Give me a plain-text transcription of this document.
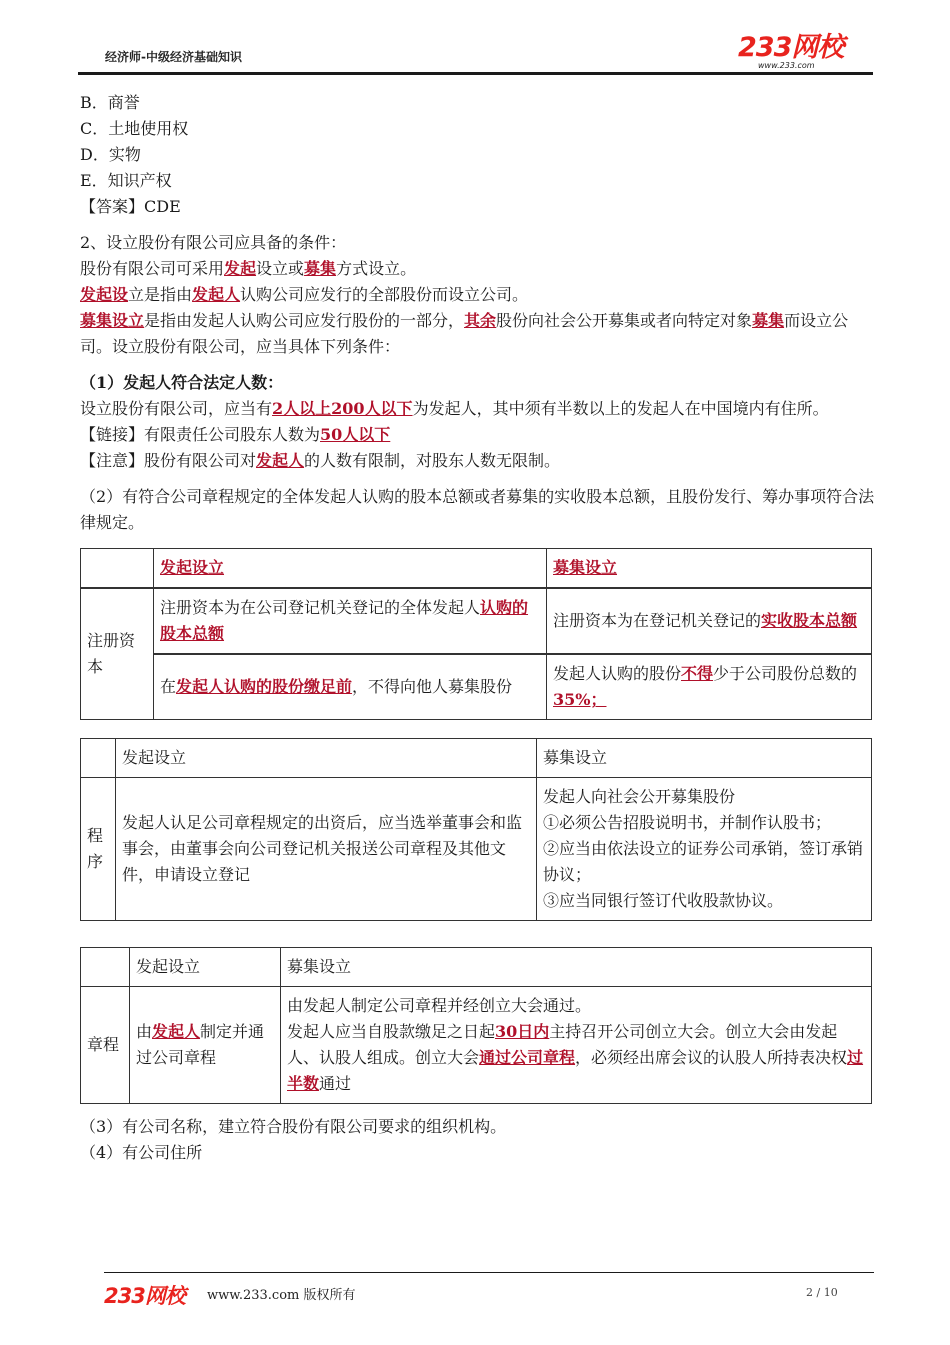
经济师-中级经济基础知识	233网校
www.233.com

B．商誉

C．土地使用权

D．实物

E．知识产权

【答案】CDE

2、设立股份有限公司应具备的条件：

股份有限公司可采用发起设立或募集方式设立。

发起设立是指由发起人认购公司应发行的全部股份而设立公司。

募集设立是指由发起人认购公司应发行股份的一部分，其余股份向社会公开募集或者向特定对象募集而设立公司。设立股份有限公司，应当具体下列条件：

（1）发起人符合法定人数：

设立股份有限公司，应当有2人以上200人以下为发起人，其中须有半数以上的发起人在中国境内有住所。

【链接】有限责任公司股东人数为50人以下

【注意】股份有限公司对发起人的人数有限制，对股东人数无限制。

（2）有符合公司章程规定的全体发起人认购的股本总额或者募集的实收股本总额，且股份发行、筹办事项符合法律规定。

	发起设立	募集设立
注册资本	注册资本为在公司登记机关登记的全体发起人认购的股本总额	注册资本为在登记机关登记的实收股本总额
	在发起人认购的股份缴足前，不得向他人募集股份	发起人认购的股份不得少于公司股份总数的35%；
	发起设立	募集设立
程序	发起人认足公司章程规定的出资后，应当选举董事会和监事会，由董事会向公司登记机关报送公司章程及其他文件，申请设立登记	发起人向社会公开募集股份
①必须公告招股说明书，并制作认股书；
②应当由依法设立的证券公司承销，签订承销协议；
③应当同银行签订代收股款协议。
	发起设立	募集设立
章程	由发起人制定并通过公司章程	由发起人制定公司章程并经创立大会通过。
发起人应当自股款缴足之日起30日内主持召开公司创立大会。创立大会由发起人、认股人组成。创立大会通过公司章程，必须经出席会议的认股人所持表决权过半数通过

（3）有公司名称，建立符合股份有限公司要求的组织机构。

（4）有公司住所

233网校 www.233.com 版权所有	2 / 10
